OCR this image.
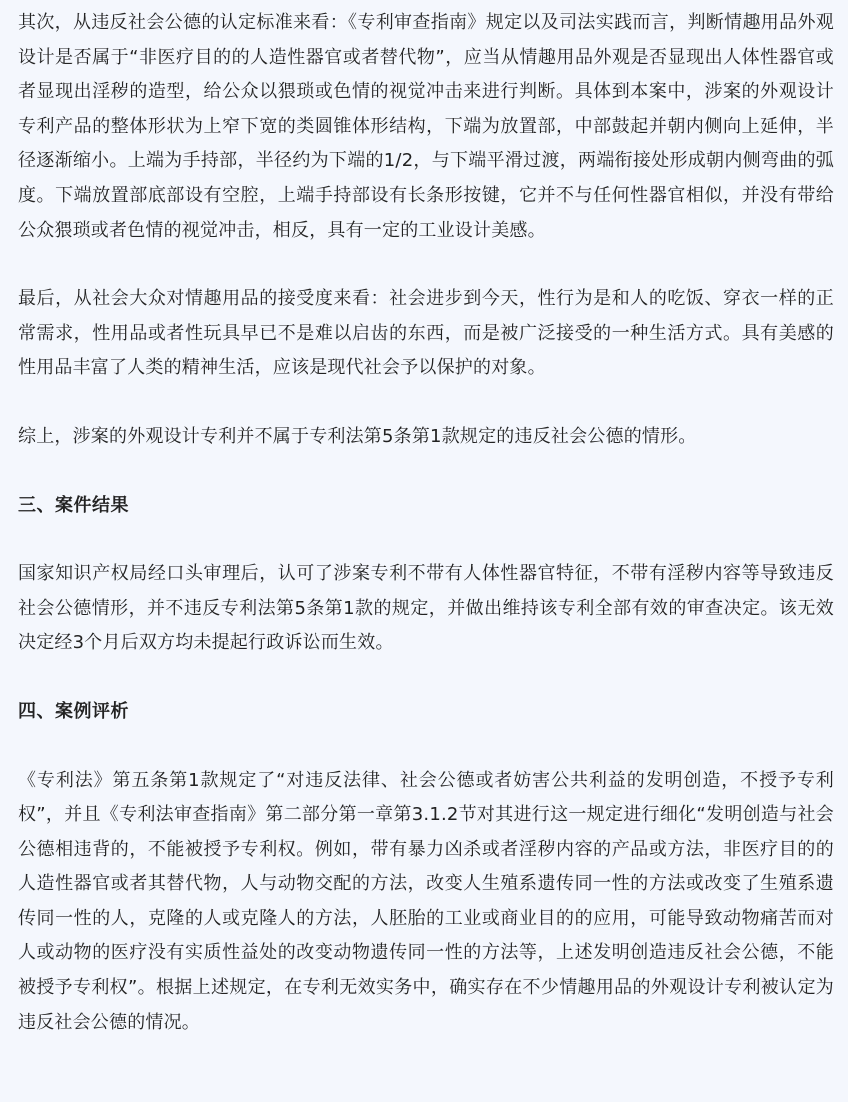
其次，从违反社会公德的认定标准来看：《专利审查指南》规定以及司法实践而言，判断情趣用品外观设计是否属于“非医疗目的的人造性器官或者替代物”，应当从情趣用品外观是否显现出人体性器官或者显现出淫秽的造型，给公众以猥琐或色情的视觉冲击来进行判断。具体到本案中，涉案的外观设计专利产品的整体形状为上窄下宽的类圆锥体形结构，下端为放置部，中部鼓起并朝内侧向上延伸，半径逐渐缩小。上端为手持部，半径约为下端的1/2，与下端平滑过渡，两端衔接处形成朝内侧弯曲的弧度。下端放置部底部设有空腔，上端手持部设有长条形按键，它并不与任何性器官相似，并没有带给公众猥琐或者色情的视觉冲击，相反，具有一定的工业设计美感。

最后，从社会大众对情趣用品的接受度来看：社会进步到今天，性行为是和人的吃饭、穿衣一样的正常需求，性用品或者性玩具早已不是难以启齿的东西，而是被广泛接受的一种生活方式。具有美感的性用品丰富了人类的精神生活，应该是现代社会予以保护的对象。

综上，涉案的外观设计专利并不属于专利法第5条第1款规定的违反社会公德的情形。

三、案件结果

国家知识产权局经口头审理后，认可了涉案专利不带有人体性器官特征，不带有淫秽内容等导致违反社会公德情形，并不违反专利法第5条第1款的规定，并做出维持该专利全部有效的审查决定。该无效决定经3个月后双方均未提起行政诉讼而生效。

四、案例评析

《专利法》第五条第1款规定了“对违反法律、社会公德或者妨害公共利益的发明创造，不授予专利权”，并且《专利法审查指南》第二部分第一章第3.1.2节对其进行这一规定进行细化“发明创造与社会公德相违背的，不能被授予专利权。例如，带有暴力凶杀或者淫秽内容的产品或方法，非医疗目的的人造性器官或者其替代物，人与动物交配的方法，改变人生殖系遗传同一性的方法或改变了生殖系遗传同一性的人，克隆的人或克隆人的方法，人胚胎的工业或商业目的的应用，可能导致动物痛苦而对人或动物的医疗没有实质性益处的改变动物遗传同一性的方法等，上述发明创造违反社会公德，不能被授予专利权”。根据上述规定，在专利无效实务中，确实存在不少情趣用品的外观设计专利被认定为违反社会公德的情况。
